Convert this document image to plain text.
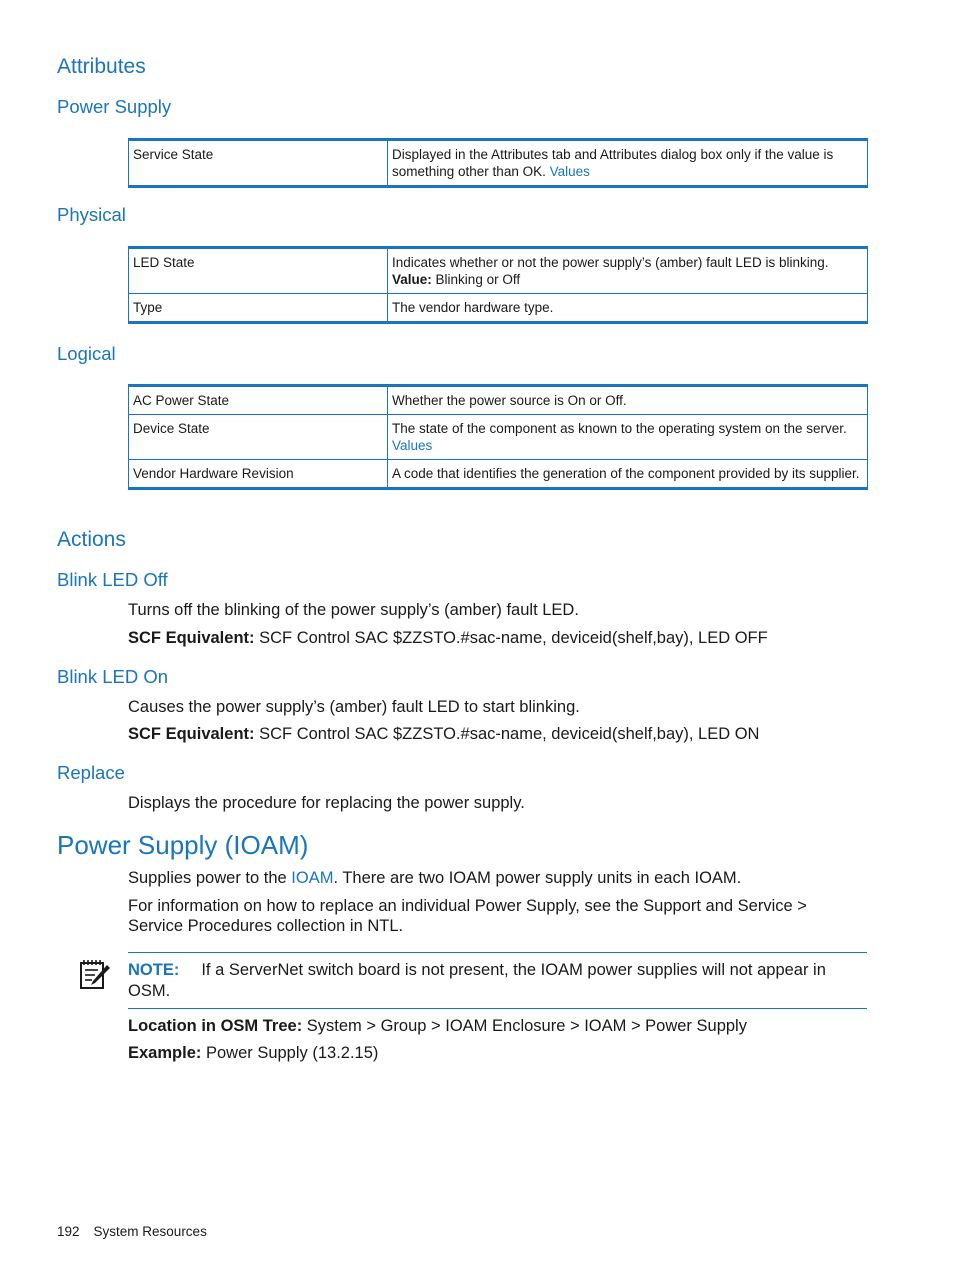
Attributes
Power Supply
Service State	Displayed in the Attributes tab and Attributes dialog box only if the value is something other than OK. Values
Physical
LED State	Indicates whether or not the power supply’s (amber) fault LED is blinking.
Value: Blinking or Off
Type	The vendor hardware type.
Logical
AC Power State	Whether the power source is On or Off.
Device State	The state of the component as known to the operating system on the server.
Values
Vendor Hardware Revision	A code that identifies the generation of the component provided by its supplier.
Actions
Blink LED Off
Turns off the blinking of the power supply’s (amber) fault LED.
SCF Equivalent: SCF Control SAC $ZZSTO.#sac-name, deviceid(shelf,bay), LED OFF
Blink LED On
Causes the power supply’s (amber) fault LED to start blinking.
SCF Equivalent: SCF Control SAC $ZZSTO.#sac-name, deviceid(shelf,bay), LED ON
Replace
Displays the procedure for replacing the power supply.
Power Supply (IOAM)
Supplies power to the IOAM. There are two IOAM power supply units in each IOAM.
For information on how to replace an individual Power Supply, see the Support and Service >
Service Procedures collection in NTL.
NOTE: If a ServerNet switch board is not present, the IOAM power supplies will not appear in
OSM.
Location in OSM Tree: System > Group > IOAM Enclosure > IOAM > Power Supply
Example: Power Supply (13.2.15)
192 System Resources
